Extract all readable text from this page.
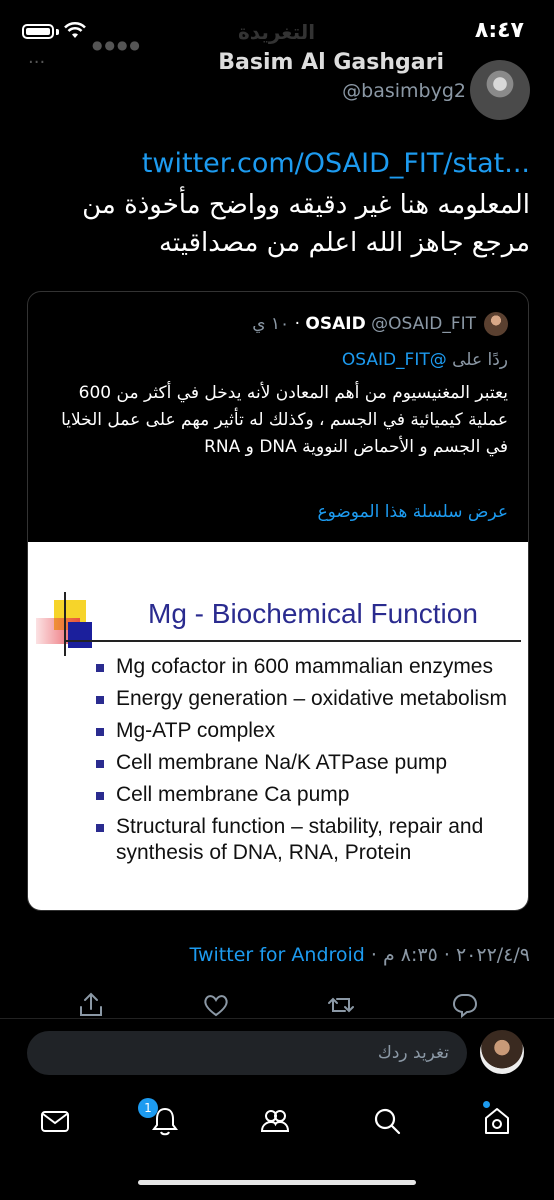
●●●●
التغريدة	٨:٤٧
···	Basim Al Gashgari
@basimbyg2
twitter.com/OSAID_FIT/stat...
المعلومه هنا غير دقيقه وواضح مأخوذة من مرجع جاهز الله اعلم من مصداقيته
OSAID @OSAID_FIT · ١٠ ي
ردًا على @OSAID_FIT
يعتبر المغنيسيوم من أهم المعادن لأنه يدخل في أكثر من 600 عملية كيميائية في الجسم ، وكذلك له تأثير مهم على عمل الخلايا في الجسم و الأحماض النووية DNA و RNA
عرض سلسلة هذا الموضوع
Mg - Biochemical Function
Mg cofactor in 600 mammalian enzymes
Energy generation – oxidative metabolism
Mg-ATP complex
Cell membrane Na/K ATPase pump
Cell membrane Ca pump
Structural function – stability, repair and synthesis of DNA, RNA, Protein
٢٠٢٢/٤/٩ · ٨:٣٥ م · Twitter for Android
تغريد ردك
1
